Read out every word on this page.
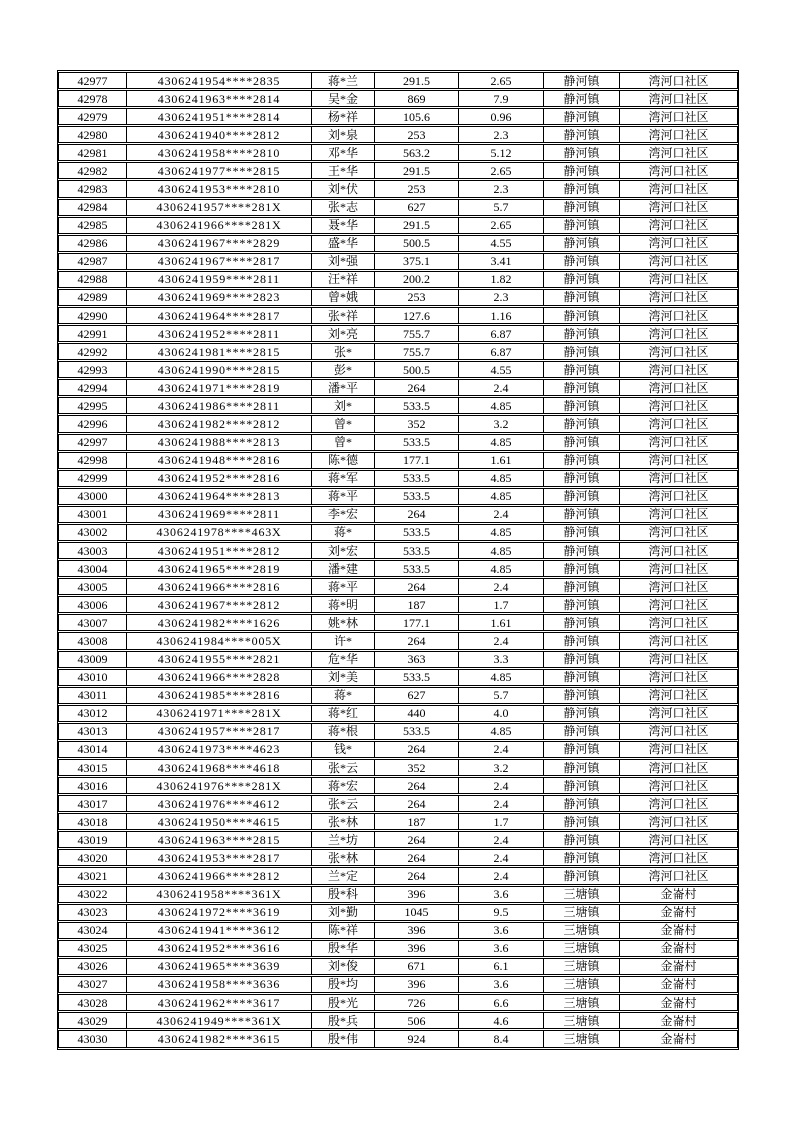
42977	4306241954****2835	蒋*兰	291.5	2.65	静河镇	湾河口社区
42978	4306241963****2814	吴*金	869	7.9	静河镇	湾河口社区
42979	4306241951****2814	杨*祥	105.6	0.96	静河镇	湾河口社区
42980	4306241940****2812	刘*泉	253	2.3	静河镇	湾河口社区
42981	4306241958****2810	邓*华	563.2	5.12	静河镇	湾河口社区
42982	4306241977****2815	王*华	291.5	2.65	静河镇	湾河口社区
42983	4306241953****2810	刘*伏	253	2.3	静河镇	湾河口社区
42984	4306241957****281X	张*志	627	5.7	静河镇	湾河口社区
42985	4306241966****281X	聂*华	291.5	2.65	静河镇	湾河口社区
42986	4306241967****2829	盛*华	500.5	4.55	静河镇	湾河口社区
42987	4306241967****2817	刘*强	375.1	3.41	静河镇	湾河口社区
42988	4306241959****2811	汪*祥	200.2	1.82	静河镇	湾河口社区
42989	4306241969****2823	曾*娥	253	2.3	静河镇	湾河口社区
42990	4306241964****2817	张*祥	127.6	1.16	静河镇	湾河口社区
42991	4306241952****2811	刘*亮	755.7	6.87	静河镇	湾河口社区
42992	4306241981****2815	张*	755.7	6.87	静河镇	湾河口社区
42993	4306241990****2815	彭*	500.5	4.55	静河镇	湾河口社区
42994	4306241971****2819	潘*平	264	2.4	静河镇	湾河口社区
42995	4306241986****2811	刘*	533.5	4.85	静河镇	湾河口社区
42996	4306241982****2812	曾*	352	3.2	静河镇	湾河口社区
42997	4306241988****2813	曾*	533.5	4.85	静河镇	湾河口社区
42998	4306241948****2816	陈*德	177.1	1.61	静河镇	湾河口社区
42999	4306241952****2816	蒋*军	533.5	4.85	静河镇	湾河口社区
43000	4306241964****2813	蒋*平	533.5	4.85	静河镇	湾河口社区
43001	4306241969****2811	李*宏	264	2.4	静河镇	湾河口社区
43002	4306241978****463X	蒋*	533.5	4.85	静河镇	湾河口社区
43003	4306241951****2812	刘*宏	533.5	4.85	静河镇	湾河口社区
43004	4306241965****2819	潘*建	533.5	4.85	静河镇	湾河口社区
43005	4306241966****2816	蒋*平	264	2.4	静河镇	湾河口社区
43006	4306241967****2812	蒋*明	187	1.7	静河镇	湾河口社区
43007	4306241982****1626	姚*林	177.1	1.61	静河镇	湾河口社区
43008	4306241984****005X	许*	264	2.4	静河镇	湾河口社区
43009	4306241955****2821	危*华	363	3.3	静河镇	湾河口社区
43010	4306241966****2828	刘*美	533.5	4.85	静河镇	湾河口社区
43011	4306241985****2816	蒋*	627	5.7	静河镇	湾河口社区
43012	4306241971****281X	蒋*红	440	4.0	静河镇	湾河口社区
43013	4306241957****2817	蒋*根	533.5	4.85	静河镇	湾河口社区
43014	4306241973****4623	钱*	264	2.4	静河镇	湾河口社区
43015	4306241968****4618	张*云	352	3.2	静河镇	湾河口社区
43016	4306241976****281X	蒋*宏	264	2.4	静河镇	湾河口社区
43017	4306241976****4612	张*云	264	2.4	静河镇	湾河口社区
43018	4306241950****4615	张*林	187	1.7	静河镇	湾河口社区
43019	4306241963****2815	兰*坊	264	2.4	静河镇	湾河口社区
43020	4306241953****2817	张*林	264	2.4	静河镇	湾河口社区
43021	4306241966****2812	兰*定	264	2.4	静河镇	湾河口社区
43022	4306241958****361X	殷*科	396	3.6	三塘镇	金崙村
43023	4306241972****3619	刘*勤	1045	9.5	三塘镇	金崙村
43024	4306241941****3612	陈*祥	396	3.6	三塘镇	金崙村
43025	4306241952****3616	殷*华	396	3.6	三塘镇	金崙村
43026	4306241965****3639	刘*俊	671	6.1	三塘镇	金崙村
43027	4306241958****3636	殷*均	396	3.6	三塘镇	金崙村
43028	4306241962****3617	殷*光	726	6.6	三塘镇	金崙村
43029	4306241949****361X	殷*兵	506	4.6	三塘镇	金崙村
43030	4306241982****3615	殷*伟	924	8.4	三塘镇	金崙村
